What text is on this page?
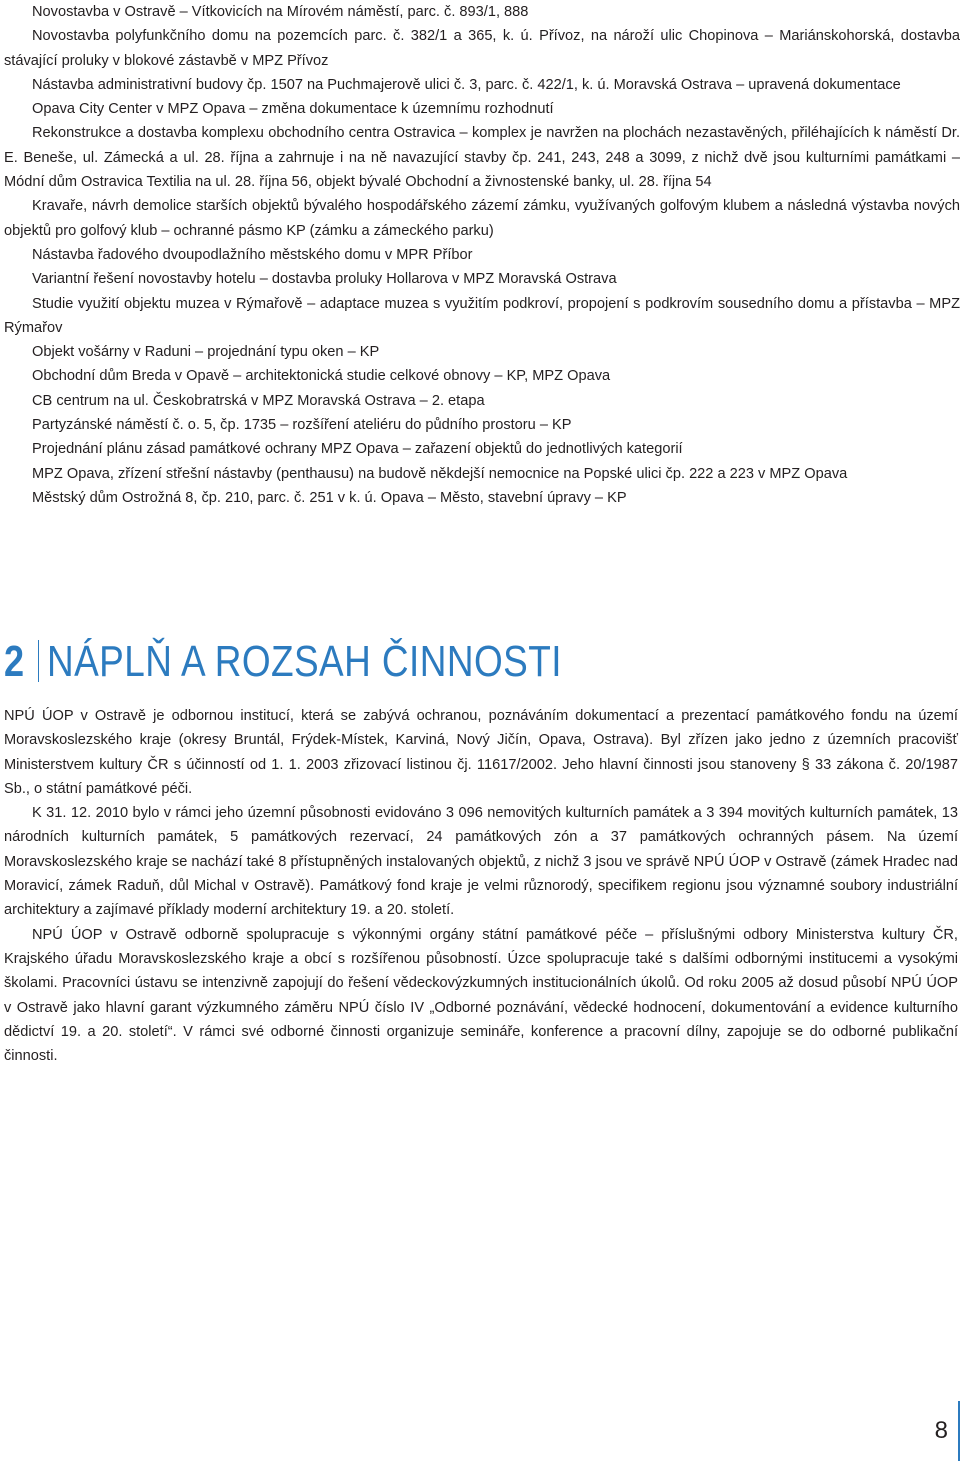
Novostavba v Ostravě – Vítkovicích na Mírovém náměstí, parc. č. 893/1, 888

Novostavba polyfunkčního domu na pozemcích parc. č. 382/1 a 365, k. ú. Přívoz, na nároží ulic Chopinova – Mariánskohorská, dostavba stávající proluky v blokové zástavbě v MPZ Přívoz

Nástavba administrativní budovy čp. 1507 na Puchmajerově ulici č. 3, parc. č. 422/1, k. ú. Moravská Ostrava – upravená dokumentace

Opava City Center v MPZ Opava – změna dokumentace k územnímu rozhodnutí

Rekonstrukce a dostavba komplexu obchodního centra Ostravica – komplex je navržen na plochách nezastavěných, přiléhajících k náměstí Dr. E. Beneše, ul. Zámecká a ul. 28. října a zahrnuje i na ně navazující stavby čp. 241, 243, 248 a 3099, z nichž dvě jsou kulturními památkami – Módní dům Ostravica Textilia na ul. 28. října 56, objekt bývalé Obchodní a živnostenské banky, ul. 28. října 54

Kravaře, návrh demolice starších objektů bývalého hospodářského zázemí zámku, využívaných golfovým klubem a následná výstavba nových objektů pro golfový klub – ochranné pásmo KP (zámku a zámeckého parku)

Nástavba řadového dvoupodlažního městského domu v MPR Příbor

Variantní řešení novostavby hotelu – dostavba proluky Hollarova v MPZ Moravská Ostrava

Studie využití objektu muzea v Rýmařově – adaptace muzea s využitím podkroví, propojení s podkrovím sousedního domu a přístavba – MPZ Rýmařov

Objekt vošárny v Raduni – projednání typu oken – KP

Obchodní dům Breda v Opavě – architektonická studie celkové obnovy – KP, MPZ Opava

CB centrum na ul. Českobratrská v MPZ Moravská Ostrava – 2. etapa

Partyzánské náměstí č. o. 5, čp. 1735 – rozšíření ateliéru do půdního prostoru – KP

Projednání plánu zásad památkové ochrany MPZ Opava – zařazení objektů do jednotlivých kategorií

MPZ Opava, zřízení střešní nástavby (penthausu) na budově někdejší nemocnice na Popské ulici čp. 222 a 223 v MPZ Opava

Městský dům Ostrožná 8, čp. 210, parc. č. 251 v k. ú. Opava – Město, stavební úpravy – KP

2 NÁPLŇ A ROZSAH ČINNOSTI

NPÚ ÚOP v Ostravě je odbornou institucí, která se zabývá ochranou, poznáváním dokumentací a prezentací památkového fondu na území Moravskoslezského kraje (okresy Bruntál, Frýdek-Místek, Karviná, Nový Jičín, Opava, Ostrava). Byl zřízen jako jedno z územních pracovišť Ministerstvem kultury ČR s účinností od 1. 1. 2003 zřizovací listinou čj. 11617/2002. Jeho hlavní činnosti jsou stanoveny § 33 zákona č. 20/1987 Sb., o státní památkové péči.

K 31. 12. 2010 bylo v rámci jeho územní působnosti evidováno 3 096 nemovitých kulturních památek a 3 394 movitých kulturních památek, 13 národních kulturních památek, 5 památkových rezervací, 24 památkových zón a 37 památkových ochranných pásem. Na území Moravskoslezského kraje se nachází také 8 přístupněných instalovaných objektů, z nichž 3 jsou ve správě NPÚ ÚOP v Ostravě (zámek Hradec nad Moravicí, zámek Raduň, důl Michal v Ostravě). Památkový fond kraje je velmi různorodý, specifikem regionu jsou významné soubory industriální architektury a zajímavé příklady moderní architektury 19. a 20. století.

NPÚ ÚOP v Ostravě odborně spolupracuje s výkonnými orgány státní památkové péče – příslušnými odbory Ministerstva kultury ČR, Krajského úřadu Moravskoslezského kraje a obcí s rozšířenou působností. Úzce spolupracuje také s dalšími odbornými institucemi a vysokými školami. Pracovníci ústavu se intenzivně zapojují do řešení vědeckovýzkumných institucionálních úkolů. Od roku 2005 až dosud působí NPÚ ÚOP v Ostravě jako hlavní garant výzkumného záměru NPÚ číslo IV „Odborné poznávání, vědecké hodnocení, dokumentování a evidence kulturního dědictví 19. a 20. století“. V rámci své odborné činnosti organizuje semináře, konference a pracovní dílny, zapojuje se do odborné publikační činnosti.

8
